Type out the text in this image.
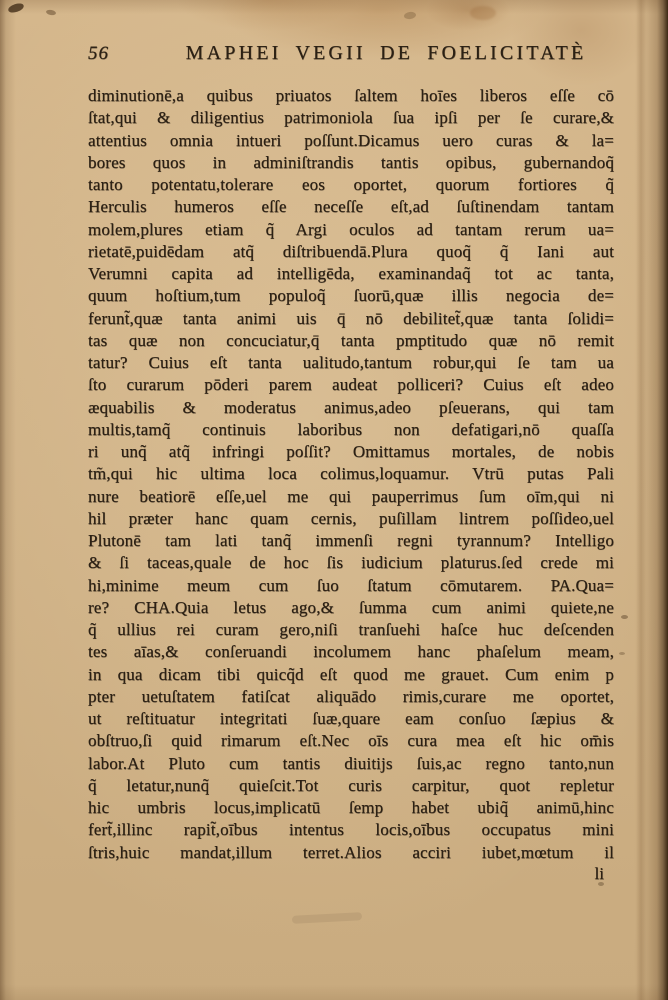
56	MAPHEI VEGII DE FOELICITATÈ
diminutionē,a quibus priuatos ſaltem hoīes liberos eſſe cō
ſtat,qui & diligentius patrimoniola ſua ipſi per ſe curare,&
attentius omnia intueri poſſunt.Dicamus uero curas & la=
bores quos in adminiſtrandis tantis opibus, gubernandoq̃
tanto potentatu,tolerare eos oportet, quorum fortiores q̃
Herculis humeros eſſe neceſſe eſt,ad ſuſtinendam tantam
molem,plures etiam q̃ Argi oculos ad tantam rerum ua=
rietatē,puidēdam atq̃ diſtribuendā.Plura quoq̃ q̃ Iani aut
Verumni capita ad intelligēda, examinandaq̃ tot ac tanta,
quum hoſtium,tum populoq̃ ſuorū,quæ illis negocia de=
ferunt̃,quæ tanta animi uis q̄ nō debilitet̃,quæ tanta ſolidi=
tas quæ non concuciatur,q̄ tanta pmptitudo quæ nō remit
tatur? Cuius eſt tanta ualitudo,tantum robur,qui ſe tam ua
ſto curarum pōderi parem audeat polliceri? Cuius eſt adeo
æquabilis & moderatus animus,adeo pſeuerans, qui tam
multis,tamq̃ continuis laboribus non defatigari,nō quaſſa
ri unq̃ atq̃ infringi poſſit? Omittamus mortales, de nobis
tm̃,qui hic ultima loca colimus,loquamur. Vtrū putas Pali
nure beatiorē eſſe,uel me qui pauperrimus ſum oīm,qui ni
hil præter hanc quam cernis, puſillam lintrem poſſideo,uel
Plutonē tam lati tanq̃ immenſi regni tyrannum? Intelligo
& ſi taceas,quale de hoc ſis iudicium platurus.ſed crede mi
hi,minime meum cum ſuo ſtatum cōmutarem. PA.Qua=
re? CHA.Quia letus ago,& ſumma cum animi quiete,ne
q̃ ullius rei curam gero,niſi tranſuehi haſce huc deſcenden
tes aīas,& conſeruandi incolumem hanc phaſelum meam,
in qua dicam tibi quicq̃d eſt quod me grauet. Cum enim p
pter uetuſtatem fatiſcat aliquādo rimis,curare me oportet,
ut reſtituatur integritati ſuæ,quare eam conſuo ſæpius &
obſtruo,ſi quid rimarum eſt.Nec oīs cura mea eſt hic om̄is
labor.At Pluto cum tantis diuitijs ſuis,ac regno tanto,nun
q̃ letatur,nunq̃ quieſcit.Tot curis carpitur, quot repletur
hic umbris locus,implicatū ſemp habet ubiq̃ animū,hinc
fert̃,illinc rapit̃,oībus intentus locis,oībus occupatus mini
ſtris,huic mandat,illum terret.Alios acciri iubet,mœtum il
li
